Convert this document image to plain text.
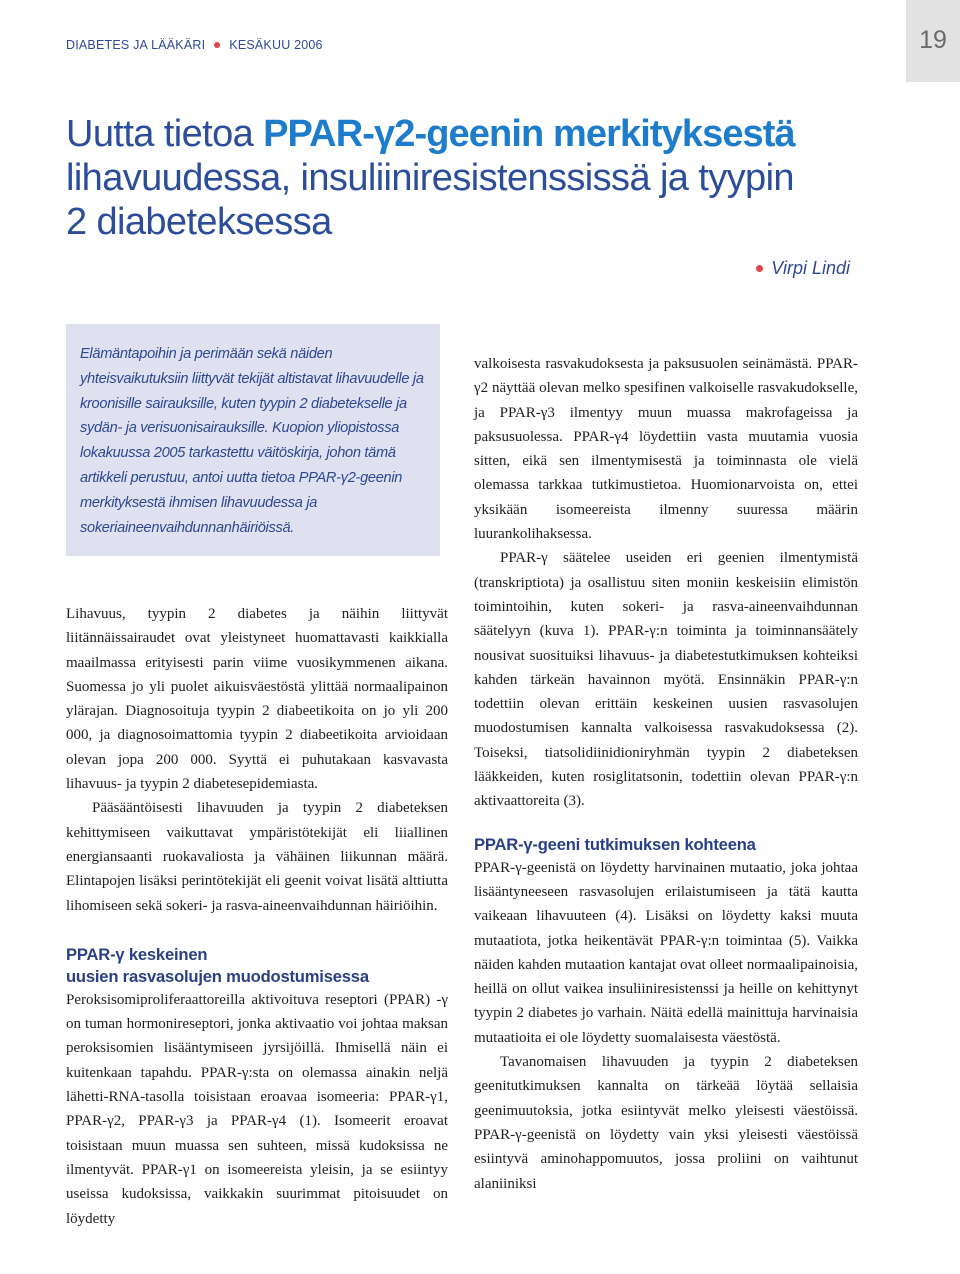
DIABETES JA LÄÄKÄRI KESÄKUU 2006	19
Uutta tietoa PPAR-γ2-geenin merkityksestä
lihavuudessa, insuliiniresistenssissä ja tyypin
2 diabeteksessa
Virpi Lindi

Elämäntapoihin ja perimään sekä näiden yhteisvaikutuksiin liittyvät tekijät altistavat lihavuudelle ja kroonisille sairauksille, kuten tyypin 2 diabetekselle ja sydän- ja verisuonisairauksille. Kuopion yliopistossa lokakuussa 2005 tarkastettu väitöskirja, johon tämä artikkeli perustuu, antoi uutta tietoa PPAR-γ2-geenin merkityksestä ihmisen lihavuudessa ja sokeriaineenvaihdunnanhäiriöissä.

Lihavuus, tyypin 2 diabetes ja näihin liittyvät liitännäissairaudet ovat yleistyneet huomattavasti kaikkialla maailmassa erityisesti parin viime vuosikymmenen aikana. Suomessa jo yli puolet aikuisväestöstä ylittää normaalipainon ylärajan. Diagnosoituja tyypin 2 diabeetikoita on jo yli 200 000, ja diagnosoimattomia tyypin 2 diabeetikoita arvioidaan olevan jopa 200 000. Syyttä ei puhutakaan kasvavasta lihavuus- ja tyypin 2 diabetesepidemiasta.

Pääsääntöisesti lihavuuden ja tyypin 2 diabeteksen kehittymiseen vaikuttavat ympäristötekijät eli liiallinen energiansaanti ruokavaliosta ja vähäinen liikunnan määrä. Elintapojen lisäksi perintötekijät eli geenit voivat lisätä alttiutta lihomiseen sekä sokeri- ja rasva-aineenvaihdunnan häiriöihin.

PPAR-γ keskeinen
uusien rasvasolujen muodostumisessa

Peroksisomiproliferaattoreilla aktivoituva reseptori (PPAR) -γ on tuman hormonireseptori, jonka aktivaatio voi johtaa maksan peroksisomien lisääntymiseen jyrsijöillä. Ihmisellä näin ei kuitenkaan tapahdu. PPAR-γ:sta on olemassa ainakin neljä lähetti-RNA-tasolla toisistaan eroavaa isomeeria: PPAR-γ1, PPAR-γ2, PPAR-γ3 ja PPAR-γ4 (1). Isomeerit eroavat toisistaan muun muassa sen suhteen, missä kudoksissa ne ilmentyvät. PPAR-γ1 on isomeereista yleisin, ja se esiintyy useissa kudoksissa, vaikkakin suurimmat pitoisuudet on löydetty

valkoisesta rasvakudoksesta ja paksusuolen seinämästä. PPAR-γ2 näyttää olevan melko spesifinen valkoiselle rasvakudokselle, ja PPAR-γ3 ilmentyy muun muassa makrofageissa ja paksusuolessa. PPAR-γ4 löydettiin vasta muutamia vuosia sitten, eikä sen ilmentymisestä ja toiminnasta ole vielä olemassa tarkkaa tutkimustietoa. Huomionarvoista on, ettei yksikään isomeereista ilmenny suuressa määrin luurankolihaksessa.

PPAR-γ säätelee useiden eri geenien ilmentymistä (transkriptiota) ja osallistuu siten moniin keskeisiin elimistön toimintoihin, kuten sokeri- ja rasva-aineenvaihdunnan säätelyyn (kuva 1). PPAR-γ:n toiminta ja toiminnansäätely nousivat suosituiksi lihavuus- ja diabetestutkimuksen kohteiksi kahden tärkeän havainnon myötä. Ensinnäkin PPAR-γ:n todettiin olevan erittäin keskeinen uusien rasvasolujen muodostumisen kannalta valkoisessa rasvakudoksessa (2). Toiseksi, tiatsolidiinidioniryhmän tyypin 2 diabeteksen lääkkeiden, kuten rosiglitatsonin, todettiin olevan PPAR-γ:n aktivaattoreita (3).

PPAR-γ-geeni tutkimuksen kohteena

PPAR-γ-geenistä on löydetty harvinainen mutaatio, joka johtaa lisääntyneeseen rasvasolujen erilaistumiseen ja tätä kautta vaikeaan lihavuuteen (4). Lisäksi on löydetty kaksi muuta mutaatiota, jotka heikentävät PPAR-γ:n toimintaa (5). Vaikka näiden kahden mutaation kantajat ovat olleet normaalipainoisia, heillä on ollut vaikea insuliiniresistenssi ja heille on kehittynyt tyypin 2 diabetes jo varhain. Näitä edellä mainittuja harvinaisia mutaatioita ei ole löydetty suomalaisesta väestöstä.

Tavanomaisen lihavuuden ja tyypin 2 diabeteksen geenitutkimuksen kannalta on tärkeää löytää sellaisia geenimuutoksia, jotka esiintyvät melko yleisesti väestöissä. PPAR-γ-geenistä on löydetty vain yksi yleisesti väestöissä esiintyvä aminohappomuutos, jossa proliini on vaihtunut alaniiniksi
